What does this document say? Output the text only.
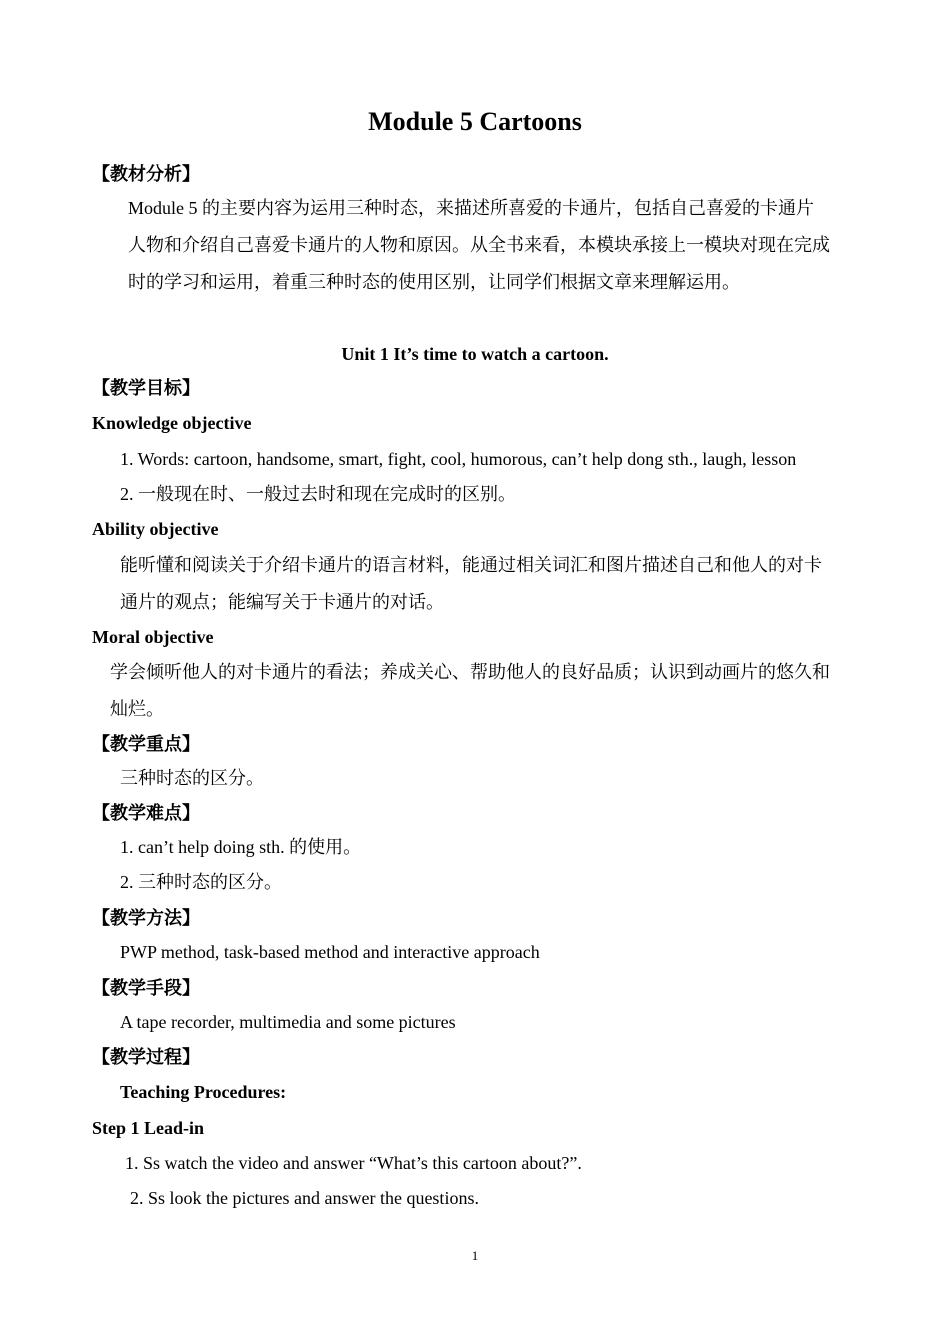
Module 5 Cartoons
【教材分析】
Module 5 的主要内容为运用三种时态，来描述所喜爱的卡通片，包括自己喜爱的卡通片
人物和介绍自己喜爱卡通片的人物和原因。从全书来看，本模块承接上一模块对现在完成
时的学习和运用，着重三种时态的使用区别，让同学们根据文章来理解运用。
Unit 1 It’s time to watch a cartoon.
【教学目标】
Knowledge objective
1. Words: cartoon, handsome, smart, fight, cool, humorous, can’t help dong sth., laugh, lesson
2. 一般现在时、一般过去时和现在完成时的区别。
Ability objective
能听懂和阅读关于介绍卡通片的语言材料，能通过相关词汇和图片描述自己和他人的对卡
通片的观点；能编写关于卡通片的对话。
Moral objective
学会倾听他人的对卡通片的看法；养成关心、帮助他人的良好品质；认识到动画片的悠久和
灿烂。
【教学重点】
三种时态的区分。
【教学难点】
1. can’t help doing sth. 的使用。
2. 三种时态的区分。
【教学方法】
PWP method, task-based method and interactive approach
【教学手段】
A tape recorder, multimedia and some pictures
【教学过程】
Teaching Procedures:
Step 1 Lead-in
1. Ss watch the video and answer “What’s this cartoon about?”.
2. Ss look the pictures and answer the questions.
1
